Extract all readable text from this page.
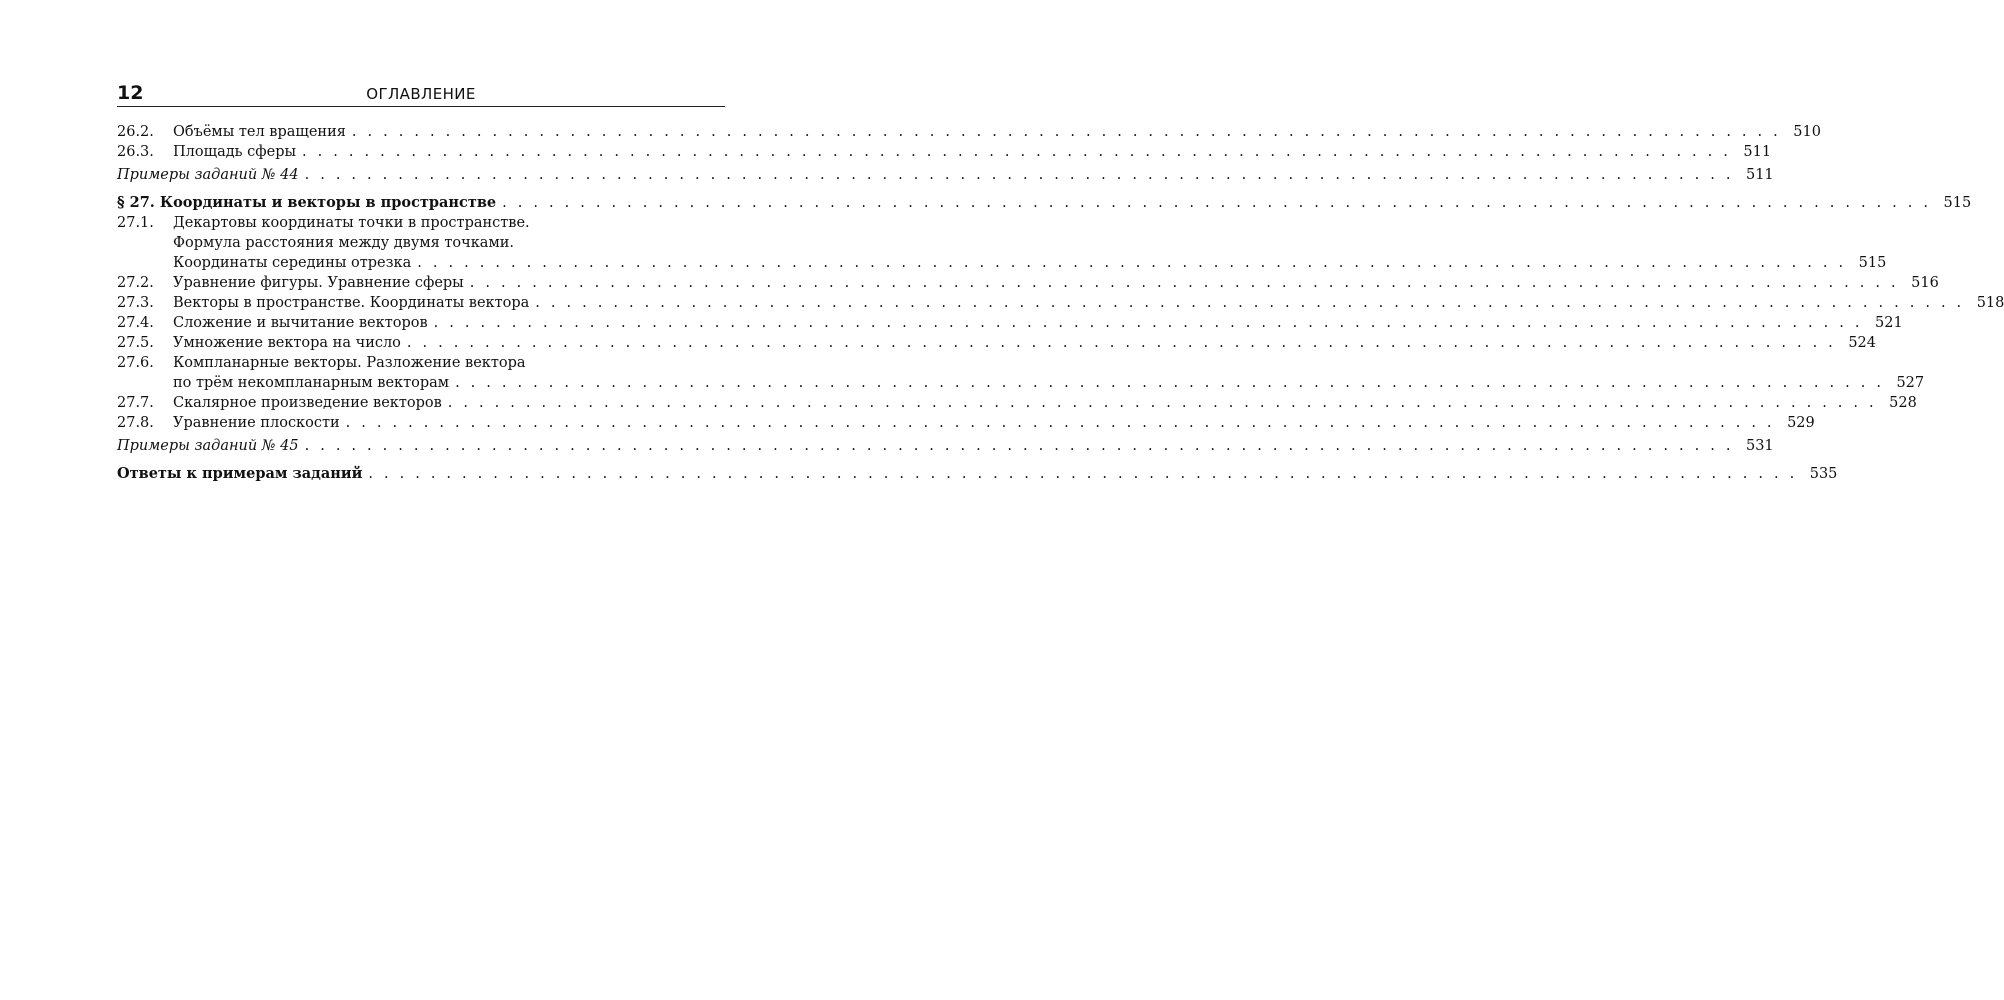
12	ОГЛАВЛЕНИЕ
26.2. Объёмы тел вращения . . . . . . . . . . . . . . . . . . . . . . . . . . . . . . . . . . . . . . . . . . . . . . . . . . . . . . . . . . . . . . . . . . . . . . . . . . . . . . . . . . . . . . . . . . . . 510
26.3. Площадь сферы . . . . . . . . . . . . . . . . . . . . . . . . . . . . . . . . . . . . . . . . . . . . . . . . . . . . . . . . . . . . . . . . . . . . . . . . . . . . . . . . . . . . . . . . . . . . 511
Примеры заданий № 44 . . . . . . . . . . . . . . . . . . . . . . . . . . . . . . . . . . . . . . . . . . . . . . . . . . . . . . . . . . . . . . . . . . . . . . . . . . . . . . . . . . . . . . . . . . . . 511
§ 27. Координаты и векторы в пространстве . . . . . . . . . . . . . . . . . . . . . . . . . . . . . . . . . . . . . . . . . . . . . . . . . . . . . . . . . . . . . . . . . . . . . . . . . . . . . . . . . . . . . . . . . . . . 515
27.1. Декартовы координаты точки в пространстве.
Формула расстояния между двумя точками.
Координаты середины отрезка . . . . . . . . . . . . . . . . . . . . . . . . . . . . . . . . . . . . . . . . . . . . . . . . . . . . . . . . . . . . . . . . . . . . . . . . . . . . . . . . . . . . . . . . . . . . 515
27.2. Уравнение фигуры. Уравнение сферы . . . . . . . . . . . . . . . . . . . . . . . . . . . . . . . . . . . . . . . . . . . . . . . . . . . . . . . . . . . . . . . . . . . . . . . . . . . . . . . . . . . . . . . . . . . . 516
27.3. Векторы в пространстве. Координаты вектора . . . . . . . . . . . . . . . . . . . . . . . . . . . . . . . . . . . . . . . . . . . . . . . . . . . . . . . . . . . . . . . . . . . . . . . . . . . . . . . . . . . . . . . . . . . . 518
27.4. Сложение и вычитание векторов . . . . . . . . . . . . . . . . . . . . . . . . . . . . . . . . . . . . . . . . . . . . . . . . . . . . . . . . . . . . . . . . . . . . . . . . . . . . . . . . . . . . . . . . . . . . 521
27.5. Умножение вектора на число . . . . . . . . . . . . . . . . . . . . . . . . . . . . . . . . . . . . . . . . . . . . . . . . . . . . . . . . . . . . . . . . . . . . . . . . . . . . . . . . . . . . . . . . . . . . 524
27.6. Компланарные векторы. Разложение вектора
по трём некомпланарным векторам . . . . . . . . . . . . . . . . . . . . . . . . . . . . . . . . . . . . . . . . . . . . . . . . . . . . . . . . . . . . . . . . . . . . . . . . . . . . . . . . . . . . . . . . . . . . 527
27.7. Скалярное произведение векторов . . . . . . . . . . . . . . . . . . . . . . . . . . . . . . . . . . . . . . . . . . . . . . . . . . . . . . . . . . . . . . . . . . . . . . . . . . . . . . . . . . . . . . . . . . . . 528
27.8. Уравнение плоскости . . . . . . . . . . . . . . . . . . . . . . . . . . . . . . . . . . . . . . . . . . . . . . . . . . . . . . . . . . . . . . . . . . . . . . . . . . . . . . . . . . . . . . . . . . . . 529
Примеры заданий № 45 . . . . . . . . . . . . . . . . . . . . . . . . . . . . . . . . . . . . . . . . . . . . . . . . . . . . . . . . . . . . . . . . . . . . . . . . . . . . . . . . . . . . . . . . . . . . 531
Ответы к примерам заданий . . . . . . . . . . . . . . . . . . . . . . . . . . . . . . . . . . . . . . . . . . . . . . . . . . . . . . . . . . . . . . . . . . . . . . . . . . . . . . . . . . . . . . . . . . . . 535
